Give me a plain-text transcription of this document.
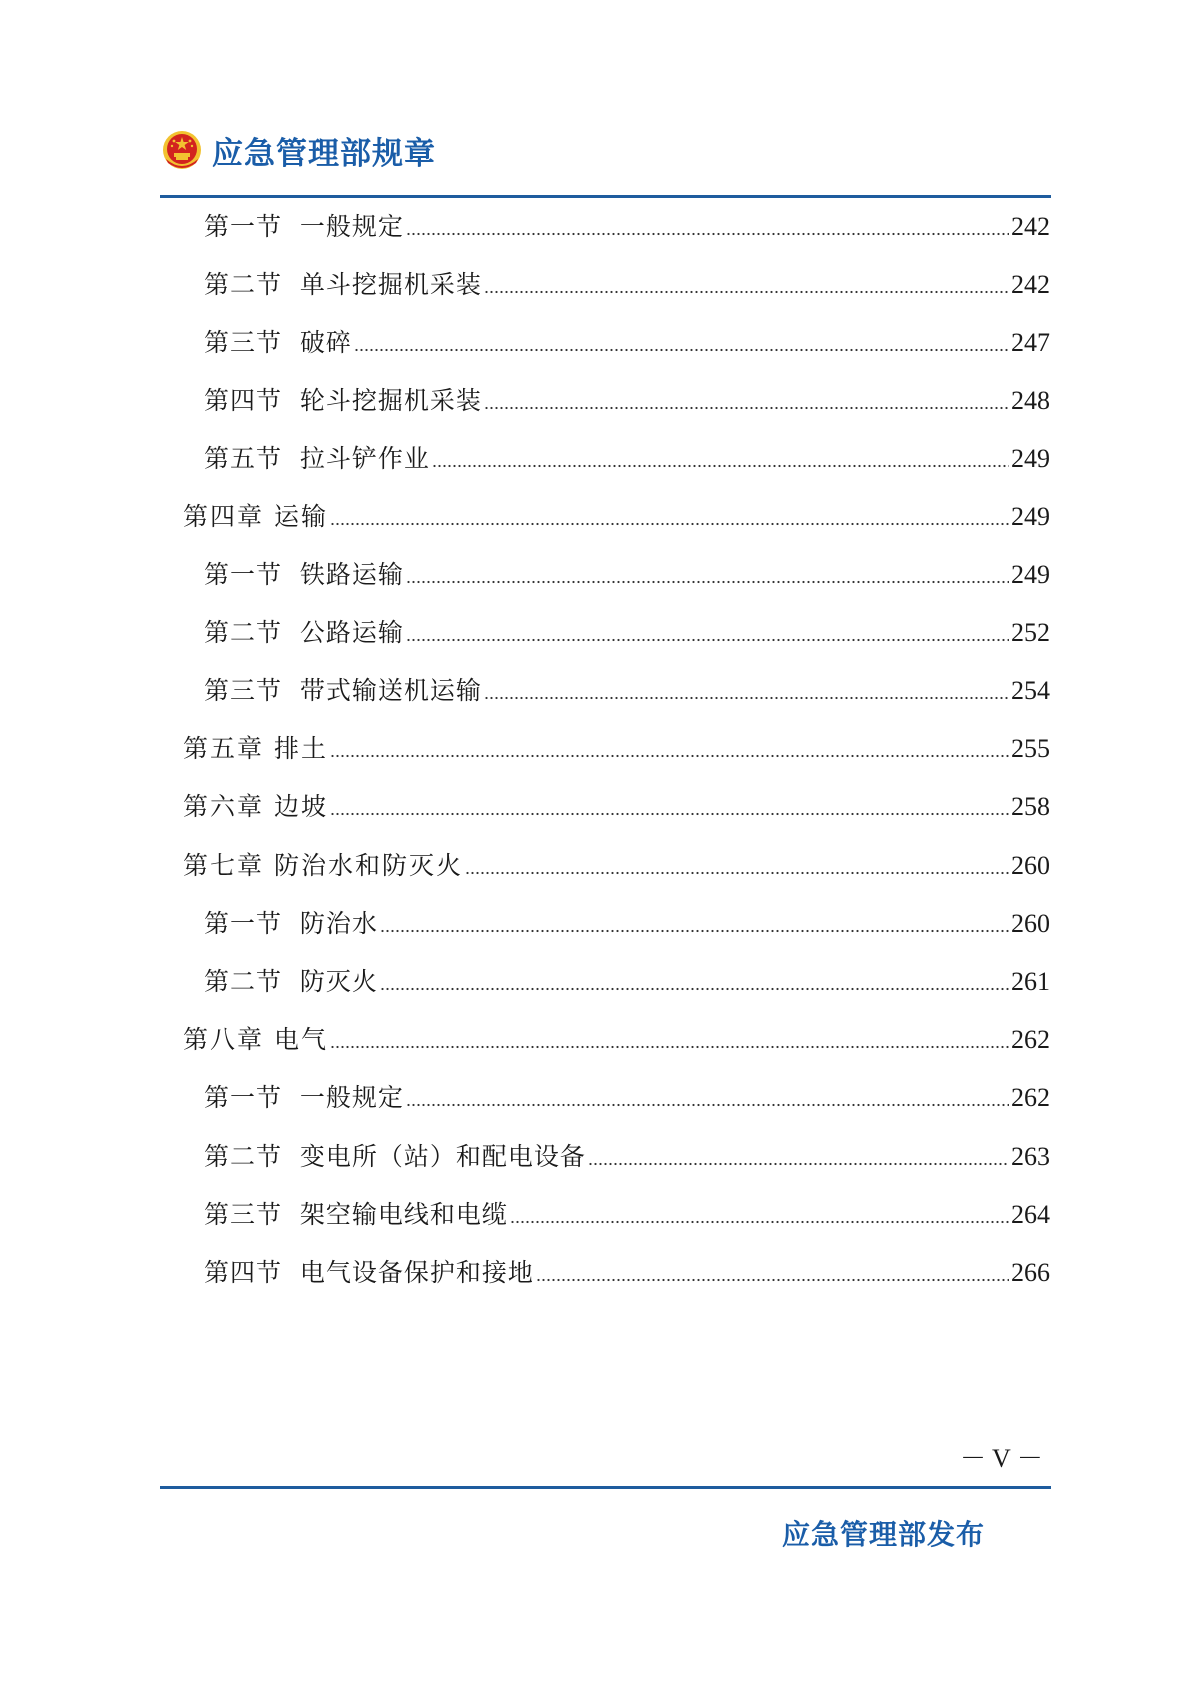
应急管理部规章
第一节  一般规定	242
第二节  单斗挖掘机采装	242
第三节  破碎	247
第四节  轮斗挖掘机采装	248
第五节  拉斗铲作业	249
第四章 运输	249
第一节  铁路运输	249
第二节  公路运输	252
第三节  带式输送机运输	254
第五章 排土	255
第六章 边坡	258
第七章 防治水和防灭火	260
第一节  防治水	260
第二节  防灭火	261
第八章 电气	262
第一节  一般规定	262
第二节  变电所（站）和配电设备	263
第三节  架空输电线和电缆	264
第四节  电气设备保护和接地	266
－ V －
应急管理部发布
